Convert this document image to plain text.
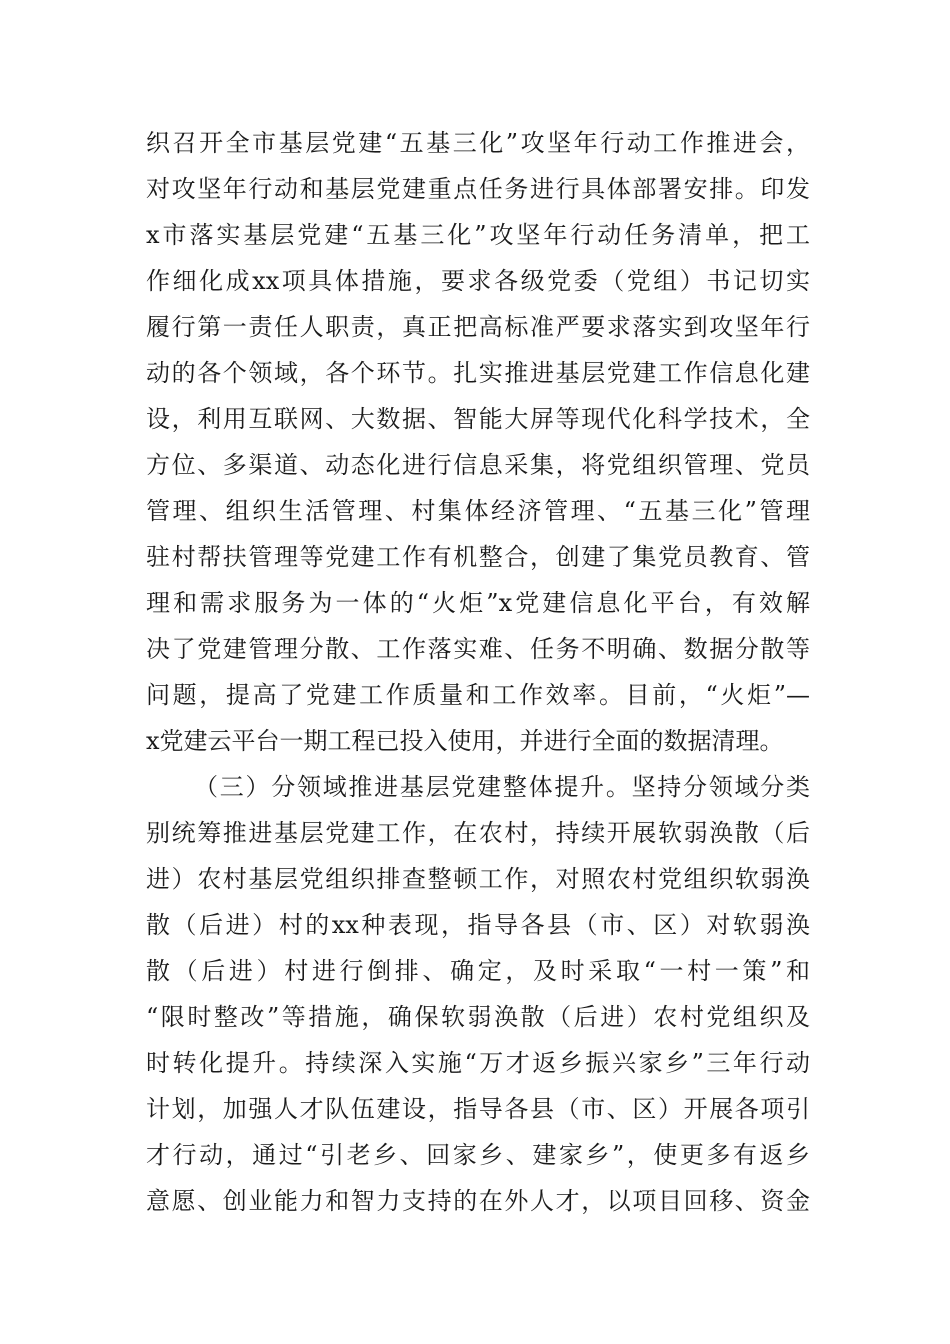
织召开全市基层党建“五基三化”攻坚年行动工作推进会，
对攻坚年行动和基层党建重点任务进行具体部署安排。印发
x市落实基层党建“五基三化”攻坚年行动任务清单，把工
作细化成xx项具体措施，要求各级党委（党组）书记切实
履行第一责任人职责，真正把高标准严要求落实到攻坚年行
动的各个领域，各个环节。扎实推进基层党建工作信息化建
设，利用互联网、大数据、智能大屏等现代化科学技术，全
方位、多渠道、动态化进行信息采集，将党组织管理、党员
管理、组织生活管理、村集体经济管理、“五基三化”管理
驻村帮扶管理等党建工作有机整合，创建了集党员教育、管
理和需求服务为一体的“火炬”x党建信息化平台，有效解
决了党建管理分散、工作落实难、任务不明确、数据分散等
问题，提高了党建工作质量和工作效率。目前，“火炬”—
x党建云平台一期工程已投入使用，并进行全面的数据清理。
（三）分领域推进基层党建整体提升。坚持分领域分类
别统筹推进基层党建工作，在农村，持续开展软弱涣散（后
进）农村基层党组织排查整顿工作，对照农村党组织软弱涣
散（后进）村的xx种表现，指导各县（市、区）对软弱涣
散（后进）村进行倒排、确定，及时采取“一村一策”和
“限时整改”等措施，确保软弱涣散（后进）农村党组织及
时转化提升。持续深入实施“万才返乡振兴家乡”三年行动
计划，加强人才队伍建设，指导各县（市、区）开展各项引
才行动，通过“引老乡、回家乡、建家乡”，使更多有返乡
意愿、创业能力和智力支持的在外人才，以项目回移、资金
